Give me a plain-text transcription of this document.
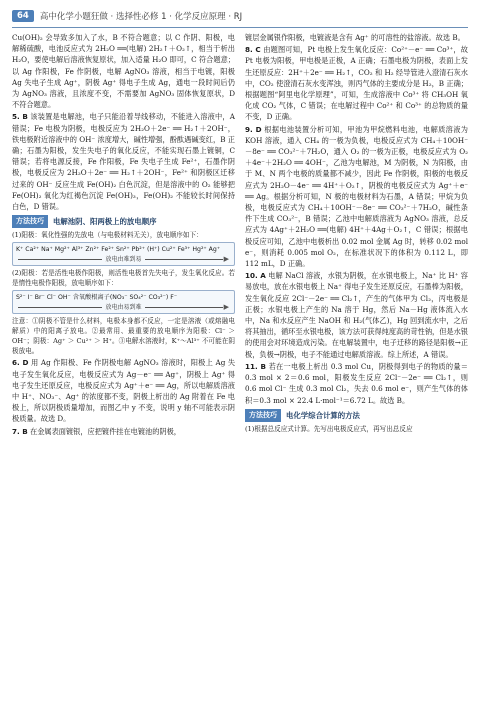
64	高中化学小题狂做 · 选择性必修 1 · 化学反应原理 · RJ

Cu(OH)₂ 会导致多加入了水，B 不符合题意；以 C 作阴、阳极，电解稀硫酸，电池反应式为 2H₂O ══(电解) 2H₂↑＋O₂↑，相当于析出 H₂O，要使电解后溶液恢复原状，加入适量 H₂O 即可，C 符合题意；以 Ag 作阳极，Fe 作阴极，电解 AgNO₃ 溶液，相当于电镀，阳极 Ag 失电子生成 Ag⁺，阴极 Ag⁺ 得电子生成 Ag，通电一段时间后仍为 AgNO₃ 溶液，且浓度不变，不需要加 AgNO₃ 固体恢复原状，D 不符合题意。

5. B 该装置是电解池，电子只能沿着导线移动，不能进入溶液中，A 错误；Fe 电极为阴极，电极反应为 2H₂O＋2e⁻ ══ H₂↑＋2OH⁻，铁电极附近溶液中的 OH⁻ 浓度增大，碱性增强，酚酞遇碱变红，B 正确；石墨为阳极，发生失电子的氧化反应，不能实现石墨上镀铜，C 错误；若将电源反接，Fe 作阳极，Fe 失电子生成 Fe²⁺，石墨作阴极，电极反应为 2H₂O＋2e⁻ ══ H₂↑＋2OH⁻，Fe²⁺ 和阴极区迁移过来的 OH⁻ 反应生成 Fe(OH)₂ 白色沉淀，但是溶液中的 O₂ 能够把 Fe(OH)₂ 氧化为红褐色沉淀 Fe(OH)₃，Fe(OH)₂ 不能较长时间保持白色，D 错误。

方法技巧	电解池阴、阳两极上的放电顺序

(1)阳极：氧化性强的先放电（与电极材料无关），放电顺序如下：

K⁺ Ca²⁺ Na⁺ Mg²⁺ Al³⁺ Zn²⁺ Fe²⁺ Sn²⁺ Pb²⁺ (H⁺) Cu²⁺ Fe³⁺ Hg²⁺ Ag⁺
▶
放电由难到易

(2)阳极：若是活性电极作阳极，则活性电极首先失电子，发生氧化反应。若是惰性电极作阳极，放电顺序如下：

S²⁻ I⁻ Br⁻ Cl⁻ OH⁻ 含氧酸根离子(NO₃⁻ SO₄²⁻ CO₃²⁻) F⁻
▶
放电由易到难

注意：①阴极不管是什么材料，电极本身都不反应，一定是溶液（或熔融电解质）中的阳离子放电。②最常用、最重要的放电顺序为阳极：Cl⁻ ＞ OH⁻；阴极：Ag⁺ ＞ Cu²⁺ ＞ H⁺。③电解水溶液时，K⁺～Al³⁺ 不可能在阴极放电。

6. D 用 Ag 作阳极、Fe 作阴极电解 AgNO₃ 溶液时，阳极上 Ag 失电子发生氧化反应，电极反应式为 Ag－e⁻ ══ Ag⁺，阴极上 Ag⁺ 得电子发生还原反应，电极反应式为 Ag⁺＋e⁻ ══ Ag，所以电解质溶液中 H⁺、NO₃⁻、Ag⁺ 的浓度都不变，阴极上析出的 Ag 附着在 Fe 电极上，所以阴极质量增加，而图乙中 y 不变，说明 y 轴不可能表示阴极质量。故选 D。

7. B 在金属表面镀银，应把镀件挂在电镀池的阴极，

镀层金属银作阳极，电镀液是含有 Ag⁺ 的可溶性的盐溶液。故选 B。

8. C 由题图可知，Pt 电极上发生氧化反应：Co²⁺－e⁻ ══ Co³⁺，故 Pt 电极为阳极，甲电极是正极，A 正确；石墨电极为阴极，表面上发生还原反应：2H⁺＋2e⁻ ══ H₂↑，CO₂ 和 H₂ 经导管进入澄清石灰水中，CO₂ 使澄清石灰水变浑浊，则丙气体的主要成分是 H₂，B 正确；根据题图“阿里电化学原理”，可知，生成溶液中 Co³⁺ 将 CH₃OH 氧化成 CO₂ 气体，C 错误；在电解过程中 Co²⁺ 和 Co³⁺ 的总物质的量不变，D 正确。

9. D 根据电池装置分析可知，甲池为甲烷燃料电池，电解质溶液为 KOH 溶液，通入 CH₄ 的一极为负极，电极反应式为 CH₄＋10OH⁻－8e⁻ ══ CO₃²⁻＋7H₂O，通入 O₂ 的一极为正极，电极反应式为 O₂＋4e⁻＋2H₂O ══ 4OH⁻，乙池为电解池，M 为阴极，N 为阳极，由于 M、N 两个电极的质量都不减少，因此 Fe 作阴极，阳极的电极反应式为 2H₂O－4e⁻ ══ 4H⁺＋O₂↑，阴极的电极反应式为 Ag⁺＋e⁻ ══ Ag。根据分析可知，N 极的电极材料为石墨，A 错误；甲烷为负极，电极反应式为 CH₄＋10OH⁻－8e⁻ ══ CO₃²⁻＋7H₂O，碱性条件下生成 CO₃²⁻，B 错误；乙池中电解质溶液为 AgNO₃ 溶液，总反应式为 4Ag⁺＋2H₂O ══(电解) 4H⁺＋4Ag＋O₂↑，C 错误；根据电极反应可知，乙池中电极析出 0.02 mol 金属 Ag 时，转移 0.02 mol e⁻，则消耗 0.005 mol O₂，在标准状况下的体积为 0.112 L，即 112 mL，D 正确。

10. A 电解 NaCl 溶液，水银为阴极，在水银电极上，Na⁺ 比 H⁺ 容易放电，放在水银电极上 Na⁺ 得电子发生还原反应，石墨棒为阳极，发生氧化反应 2Cl⁻－2e⁻ ══ Cl₂↑，产生的气体甲为 Cl₂，丙电极是正极；水银电极上产生的 Na 溶于 Hg，然后 Na－Hg 液体流入水中，Na 和水反应产生 NaOH 和 H₂(气体乙)，Hg 回到流水中，之后将其抽出，循环至水银电极，该方法可获得纯度高的苛性钠，但是水银的使用会对环境造成污染。在电解装置中，电子迁移的路径是阳极→正极，负极→阴极，电子不能通过电解质溶液。综上所述，A 错误。

11. B 若在一电极上析出 0.3 mol Cu，阴极得到电子的物质的量＝0.3 mol × 2＝0.6 mol，阳极发生反应 2Cl⁻－2e⁻ ══ Cl₂↑，则 0.6 mol Cl⁻ 生成 0.3 mol Cl₂，失去 0.6 mol e⁻，则产生气体的体积＝0.3 mol × 22.4 L·mol⁻¹＝6.72 L。故选 B。

方法技巧	电化学综合计算的方法

(1)根据总反应式计算。先写出电极反应式，再写出总反应
